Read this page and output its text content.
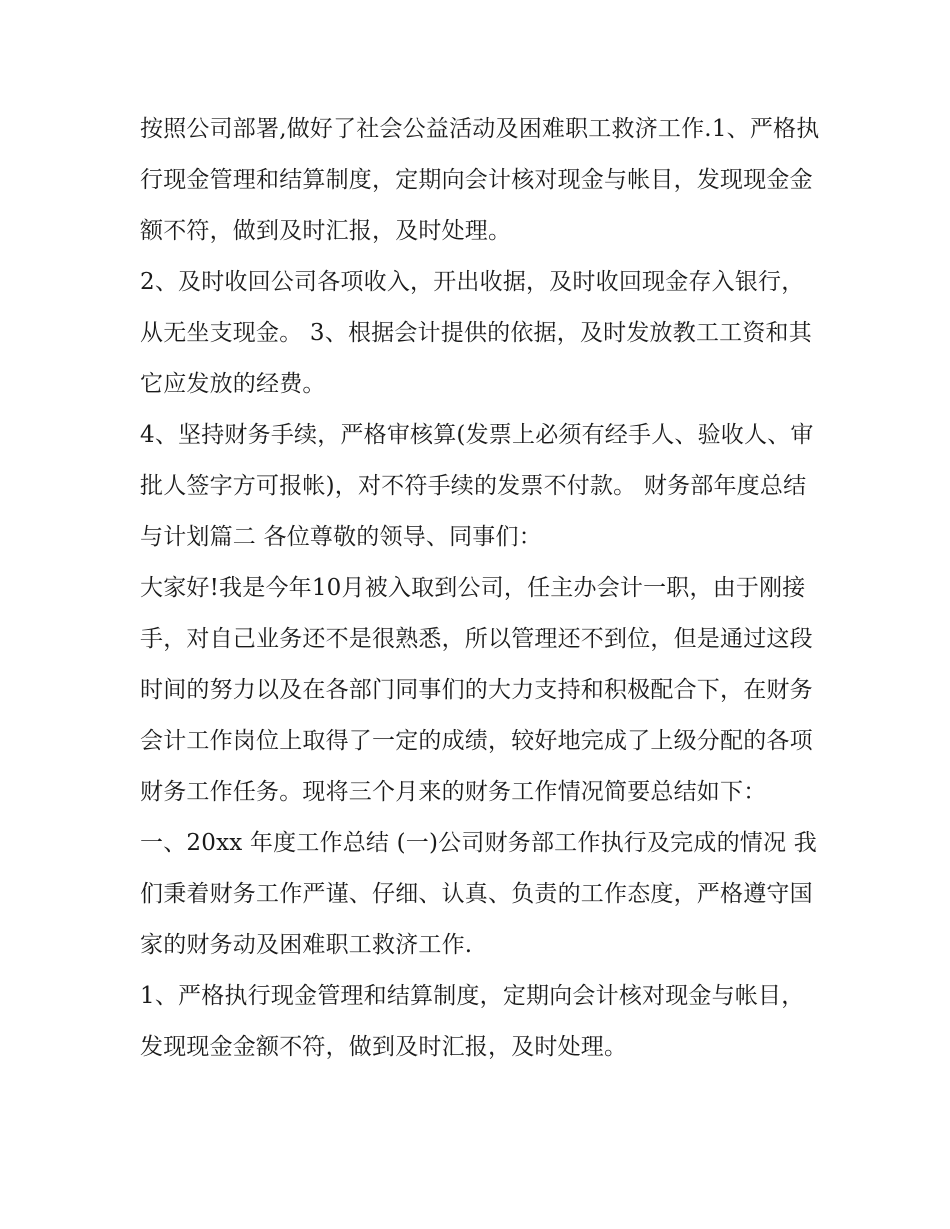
按照公司部署,做好了社会公益活动及困难职工救济工作.1、严格执行现金管理和结算制度，定期向会计核对现金与帐目，发现现金金额不符，做到及时汇报，及时处理。

2、及时收回公司各项收入，开出收据，及时收回现金存入银行，从无坐支现金。 3、根据会计提供的依据，及时发放教工工资和其它应发放的经费。

4、坚持财务手续，严格审核算(发票上必须有经手人、验收人、审批人签字方可报帐)，对不符手续的发票不付款。 财务部年度总结与计划篇二 各位尊敬的领导、同事们：

大家好!我是今年10月被入取到公司，任主办会计一职，由于刚接手，对自己业务还不是很熟悉，所以管理还不到位，但是通过这段时间的努力以及在各部门同事们的大力支持和积极配合下，在财务会计工作岗位上取得了一定的成绩，较好地完成了上级分配的各项财务工作任务。现将三个月来的财务工作情况简要总结如下：

一、20xx 年度工作总结 (一)公司财务部工作执行及完成的情况 我们秉着财务工作严谨、仔细、认真、负责的工作态度，严格遵守国家的财务动及困难职工救济工作.

1、严格执行现金管理和结算制度，定期向会计核对现金与帐目，发现现金金额不符，做到及时汇报，及时处理。
